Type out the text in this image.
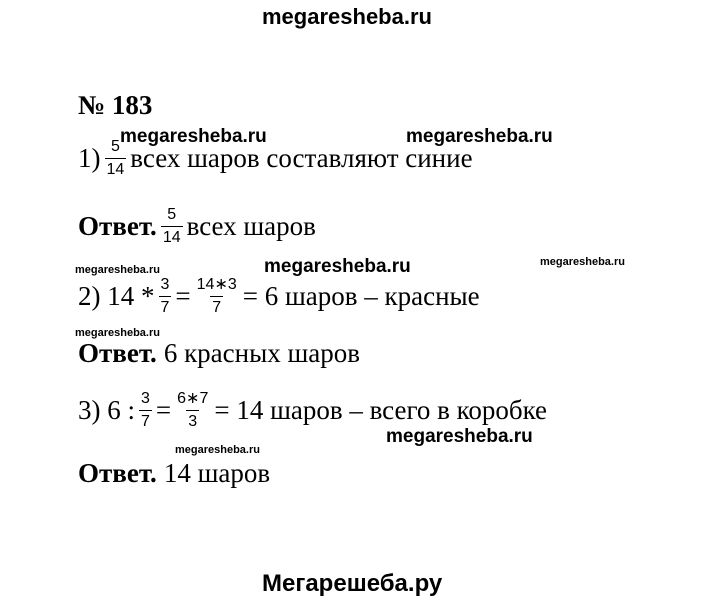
megaresheba.ru
megaresheba.ru	megaresheba.ru
megaresheba.ru	megaresheba.ru	megaresheba.ru
megaresheba.ru
megaresheba.ru
megaresheba.ru
№ 183
$1) \frac{5}{14}$ всех шаров составляют синие
Ответ. $\frac{5}{14}$ всех шаров
2) $14 * \frac{3}{7} = \frac{14∗3}{7} = 6$ шаров – красные
Ответ. 6 красных шаров
3) 6 : $\frac{3}{7} = \frac{6∗7}{3} = 14$ шаров – всего в коробке
Ответ. 14 шаров
Мегарешеба.ру
